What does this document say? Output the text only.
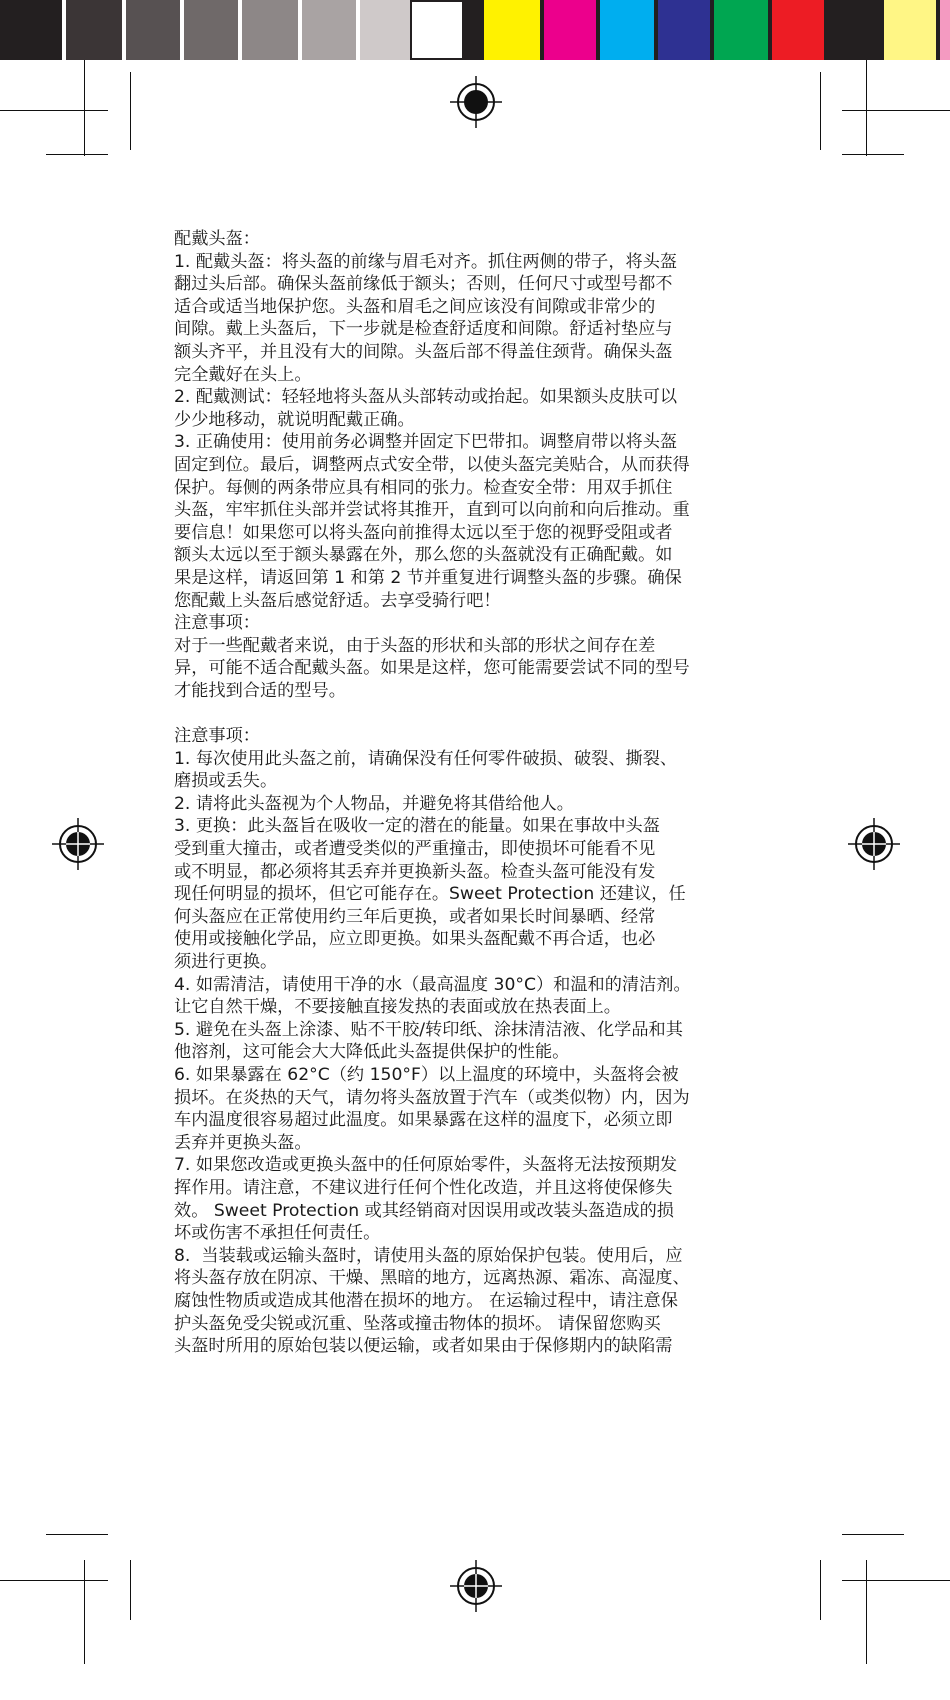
配戴头盔：
1. 配戴头盔：将头盔的前缘与眉毛对齐。抓住两侧的带子，将头盔
翻过头后部。确保头盔前缘低于额头；否则，任何尺寸或型号都不
适合或适当地保护您。头盔和眉毛之间应该没有间隙或非常少的
间隙。戴上头盔后，下一步就是检查舒适度和间隙。舒适衬垫应与
额头齐平，并且没有大的间隙。头盔后部不得盖住颈背。确保头盔
完全戴好在头上。
2. 配戴测试：轻轻地将头盔从头部转动或抬起。如果额头皮肤可以
少少地移动，就说明配戴正确。
3. 正确使用：使用前务必调整并固定下巴带扣。调整肩带以将头盔
固定到位。最后，调整两点式安全带，以使头盔完美贴合，从而获得
保护。每侧的两条带应具有相同的张力。检查安全带：用双手抓住
头盔，牢牢抓住头部并尝试将其推开，直到可以向前和向后推动。重
要信息！如果您可以将头盔向前推得太远以至于您的视野受阻或者
额头太远以至于额头暴露在外，那么您的头盔就没有正确配戴。如
果是这样，请返回第 1 和第 2 节并重复进行调整头盔的步骤。确保
您配戴上头盔后感觉舒适。去享受骑行吧！
注意事项：
对于一些配戴者来说，由于头盔的形状和头部的形状之间存在差
异，可能不适合配戴头盔。如果是这样，您可能需要尝试不同的型号
才能找到合适的型号。
注意事项：
1. 每次使用此头盔之前，请确保没有任何零件破损、破裂、撕裂、
磨损或丢失。
2. 请将此头盔视为个人物品，并避免将其借给他人。
3. 更换：此头盔旨在吸收一定的潜在的能量。如果在事故中头盔
受到重大撞击，或者遭受类似的严重撞击，即使损坏可能看不见
或不明显，都必须将其丢弃并更换新头盔。检查头盔可能没有发
现任何明显的损坏，但它可能存在。Sweet Protection 还建议，任
何头盔应在正常使用约三年后更换，或者如果长时间暴晒、经常
使用或接触化学品，应立即更换。如果头盔配戴不再合适，也必
须进行更换。
4. 如需清洁，请使用干净的水（最高温度 30°C）和温和的清洁剂。
让它自然干燥，不要接触直接发热的表面或放在热表面上。
5. 避免在头盔上涂漆、贴不干胶/转印纸、涂抹清洁液、化学品和其
他溶剂，这可能会大大降低此头盔提供保护的性能。
6. 如果暴露在 62°C（约 150°F）以上温度的环境中，头盔将会被
损坏。在炎热的天气，请勿将头盔放置于汽车（或类似物）内，因为
车内温度很容易超过此温度。如果暴露在这样的温度下，必须立即
丢弃并更换头盔。
7. 如果您改造或更换头盔中的任何原始零件，头盔将无法按预期发
挥作用。请注意，不建议进行任何个性化改造，并且这将使保修失
效。 Sweet Protection 或其经销商对因误用或改装头盔造成的损
坏或伤害不承担任何责任。
8.  当装载或运输头盔时，请使用头盔的原始保护包装。使用后，应
将头盔存放在阴凉、干燥、黑暗的地方，远离热源、霜冻、高湿度、
腐蚀性物质或造成其他潜在损坏的地方。 在运输过程中，请注意保
护头盔免受尖锐或沉重、坠落或撞击物体的损坏。 请保留您购买
头盔时所用的原始包装以便运输，或者如果由于保修期内的缺陷需
